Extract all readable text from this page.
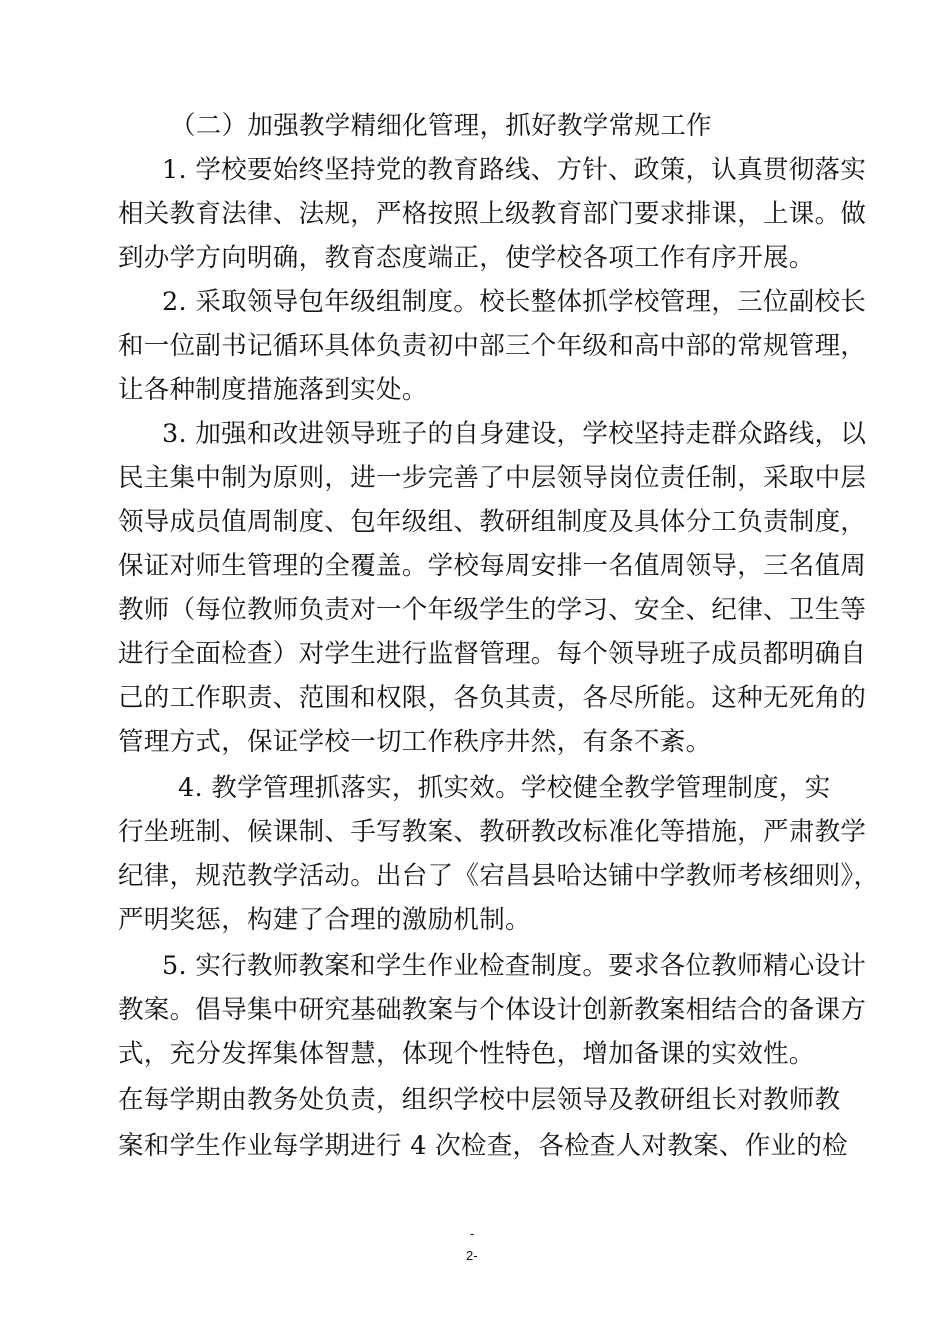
（二）加强教学精细化管理，抓好教学常规工作
1. 学校要始终坚持党的教育路线、方针、政策，认真贯彻落实
相关教育法律、法规，严格按照上级教育部门要求排课，上课。做
到办学方向明确，教育态度端正，使学校各项工作有序开展。
2. 采取领导包年级组制度。校长整体抓学校管理，三位副校长
和一位副书记循环具体负责初中部三个年级和高中部的常规管理，
让各种制度措施落到实处。
3. 加强和改进领导班子的自身建设，学校坚持走群众路线，以
民主集中制为原则，进一步完善了中层领导岗位责任制，采取中层
领导成员值周制度、包年级组、教研组制度及具体分工负责制度，
保证对师生管理的全覆盖。学校每周安排一名值周领导，三名值周
教师（每位教师负责对一个年级学生的学习、安全、纪律、卫生等
进行全面检查）对学生进行监督管理。每个领导班子成员都明确自
己的工作职责、范围和权限，各负其责，各尽所能。这种无死角的
管理方式，保证学校一切工作秩序井然，有条不紊。
4. 教学管理抓落实，抓实效。学校健全教学管理制度，实
行坐班制、候课制、手写教案、教研教改标准化等措施，严肃教学
纪律，规范教学活动。出台了《宕昌县哈达铺中学教师考核细则》，
严明奖惩，构建了合理的激励机制。
5. 实行教师教案和学生作业检查制度。要求各位教师精心设计
教案。倡导集中研究基础教案与个体设计创新教案相结合的备课方
式，充分发挥集体智慧，体现个性特色，增加备课的实效性。
在每学期由教务处负责，组织学校中层领导及教研组长对教师教
案和学生作业每学期进行 4 次检查，各检查人对教案、作业的检
-
2-
